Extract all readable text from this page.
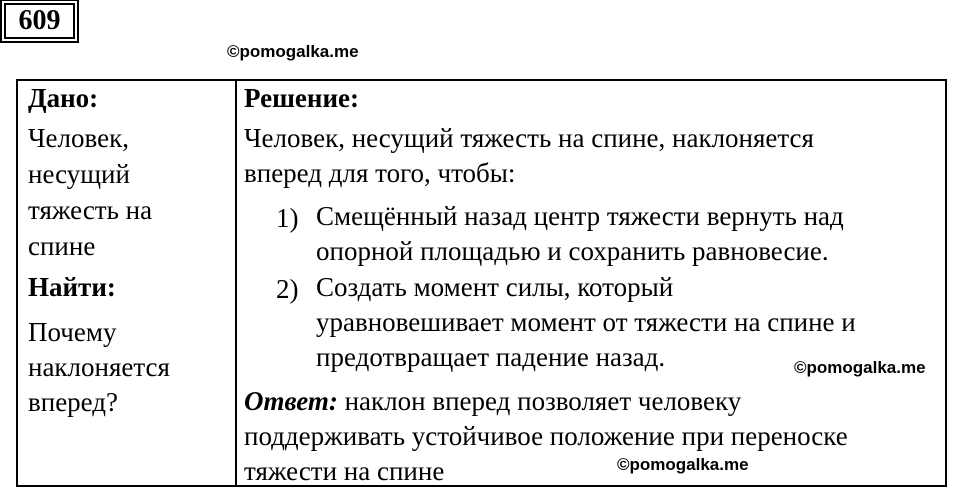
609
©pomogalka.me
Дано:
Человек,
несущий
тяжесть на
спине
Найти:
Почему
наклоняется
вперед?
Решение:
Человек, несущий тяжесть на спине, наклоняется
вперед для того, чтобы:
1) Смещённый назад центр тяжести вернуть над
опорной площадью и сохранить равновесие.
2) Создать момент силы, который
уравновешивает момент от тяжести на спине и
предотвращает падение назад.
Ответ: наклон вперед позволяет человеку
поддерживать устойчивое положение при переноске
тяжести на спине
©pomogalka.me
©pomogalka.me
